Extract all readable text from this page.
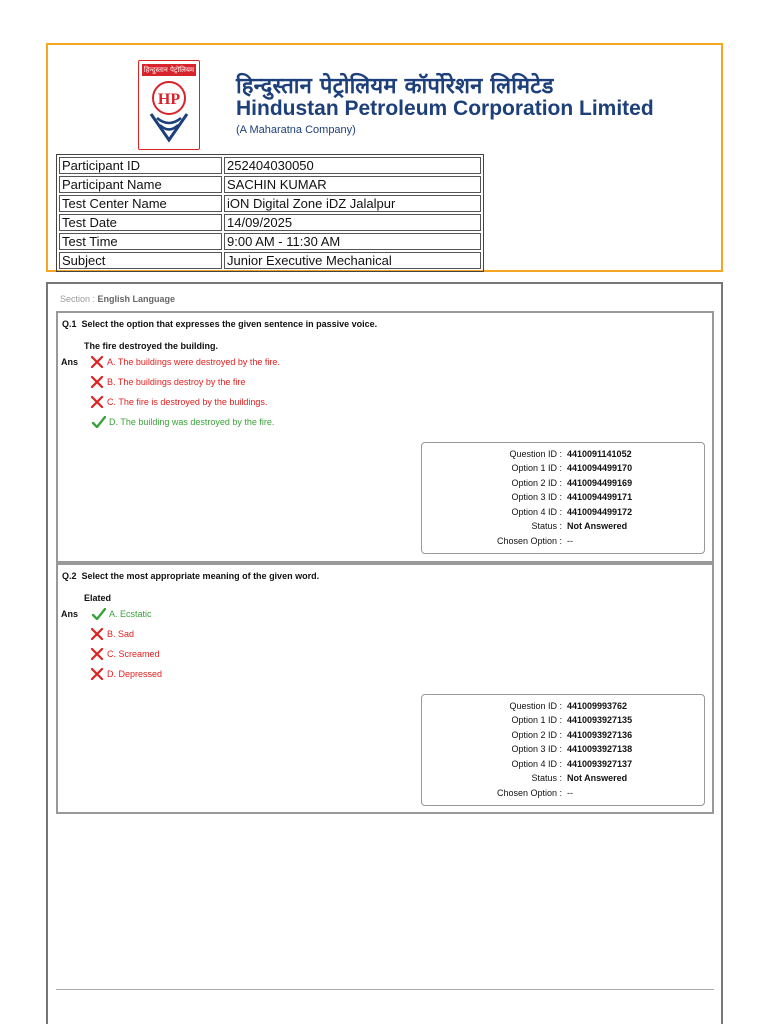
हिन्दुस्तान पेट्रोलियम
HP
हिन्दुस्तान पेट्रोलियम कॉर्पोरेशन लिमिटेड
Hindustan Petroleum Corporation Limited
(A Maharatna Company)
Participant ID	252404030050
Participant Name	SACHIN KUMAR
Test Center Name	iON Digital Zone iDZ Jalalpur
Test Date	14/09/2025
Test Time	9:00 AM - 11:30 AM
Subject	Junior Executive Mechanical
Section : English Language
Q.1 Select the option that expresses the given sentence in passive voice.
The fire destroyed the building.
Ans	A. The buildings were destroyed by the fire.
B. The buildings destroy by the fire
C. The fire is destroyed by the buildings.
D. The building was destroyed by the fire.
Question ID : 4410091141052
Option 1 ID : 4410094499170
Option 2 ID : 4410094499169
Option 3 ID : 4410094499171
Option 4 ID : 4410094499172
Status : Not Answered
Chosen Option : --
Q.2 Select the most appropriate meaning of the given word.
Elated
Ans	A. Ecstatic
B. Sad
C. Screamed
D. Depressed
Question ID : 441009993762
Option 1 ID : 4410093927135
Option 2 ID : 4410093927136
Option 3 ID : 4410093927138
Option 4 ID : 4410093927137
Status : Not Answered
Chosen Option : --
